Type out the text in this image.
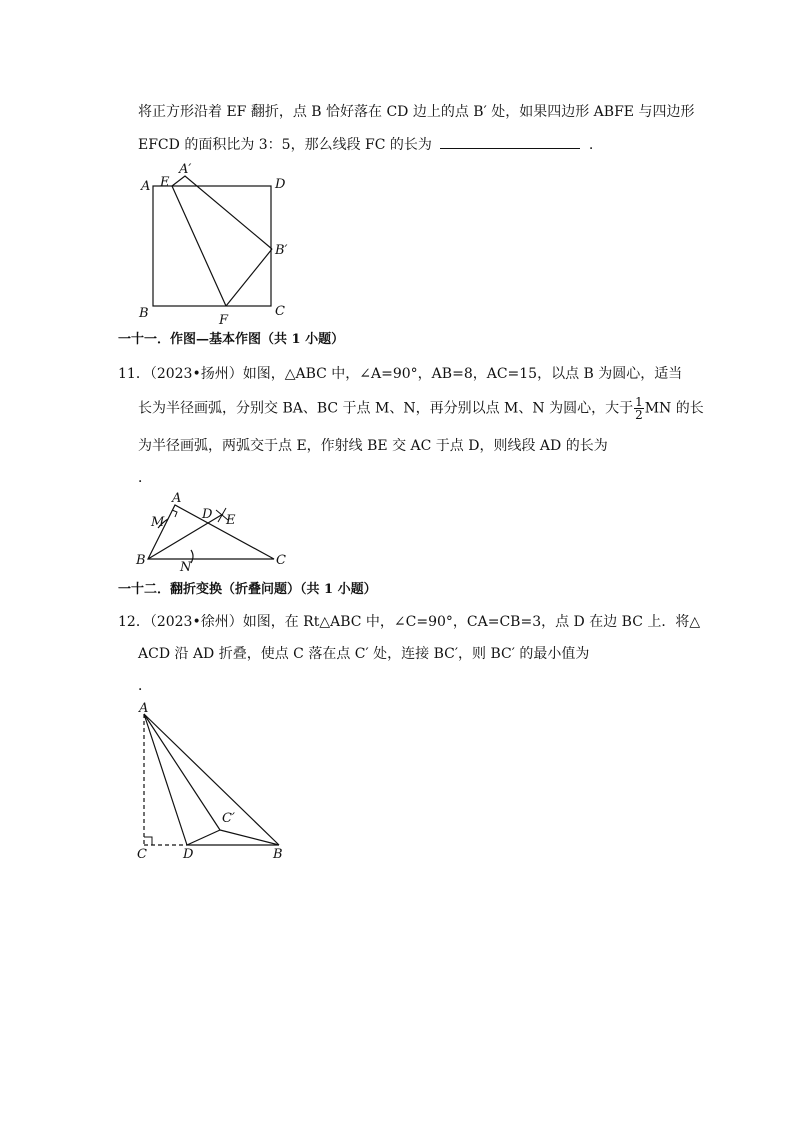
将正方形沿着 EF 翻折，点 B 恰好落在 CD 边上的点 B′ 处，如果四边形 ABFE 与四边形
EFCD 的面积比为 3：5，那么线段 FC 的长为	.
A
A′
E	D
B′
B	F
C
一十一．作图—基本作图（共 1 小题）
11．（2023•扬州）如图，△ABC 中，∠A=90°，AB=8，AC=15，以点 B 为圆心，适当
长为半径画弧，分别交 BA、BC 于点 M、N，再分别以点 M、N 为圆心，大于 $\frac{1}{2}$ MN 的长
为半径画弧，两弧交于点 E，作射线 BE 交 AC 于点 D，则线段 AD 的长为
．
A
M
D E
B	N	C
一十二．翻折变换（折叠问题）（共 1 小题）
12．（2023•徐州）如图，在 Rt△ABC 中，∠C=90°，CA=CB=3，点 D 在边 BC 上．将△
ACD 沿 AD 折叠，使点 C 落在点 C′ 处，连接 BC′，则 BC′ 的最小值为
．
A
C′
C	D	B
